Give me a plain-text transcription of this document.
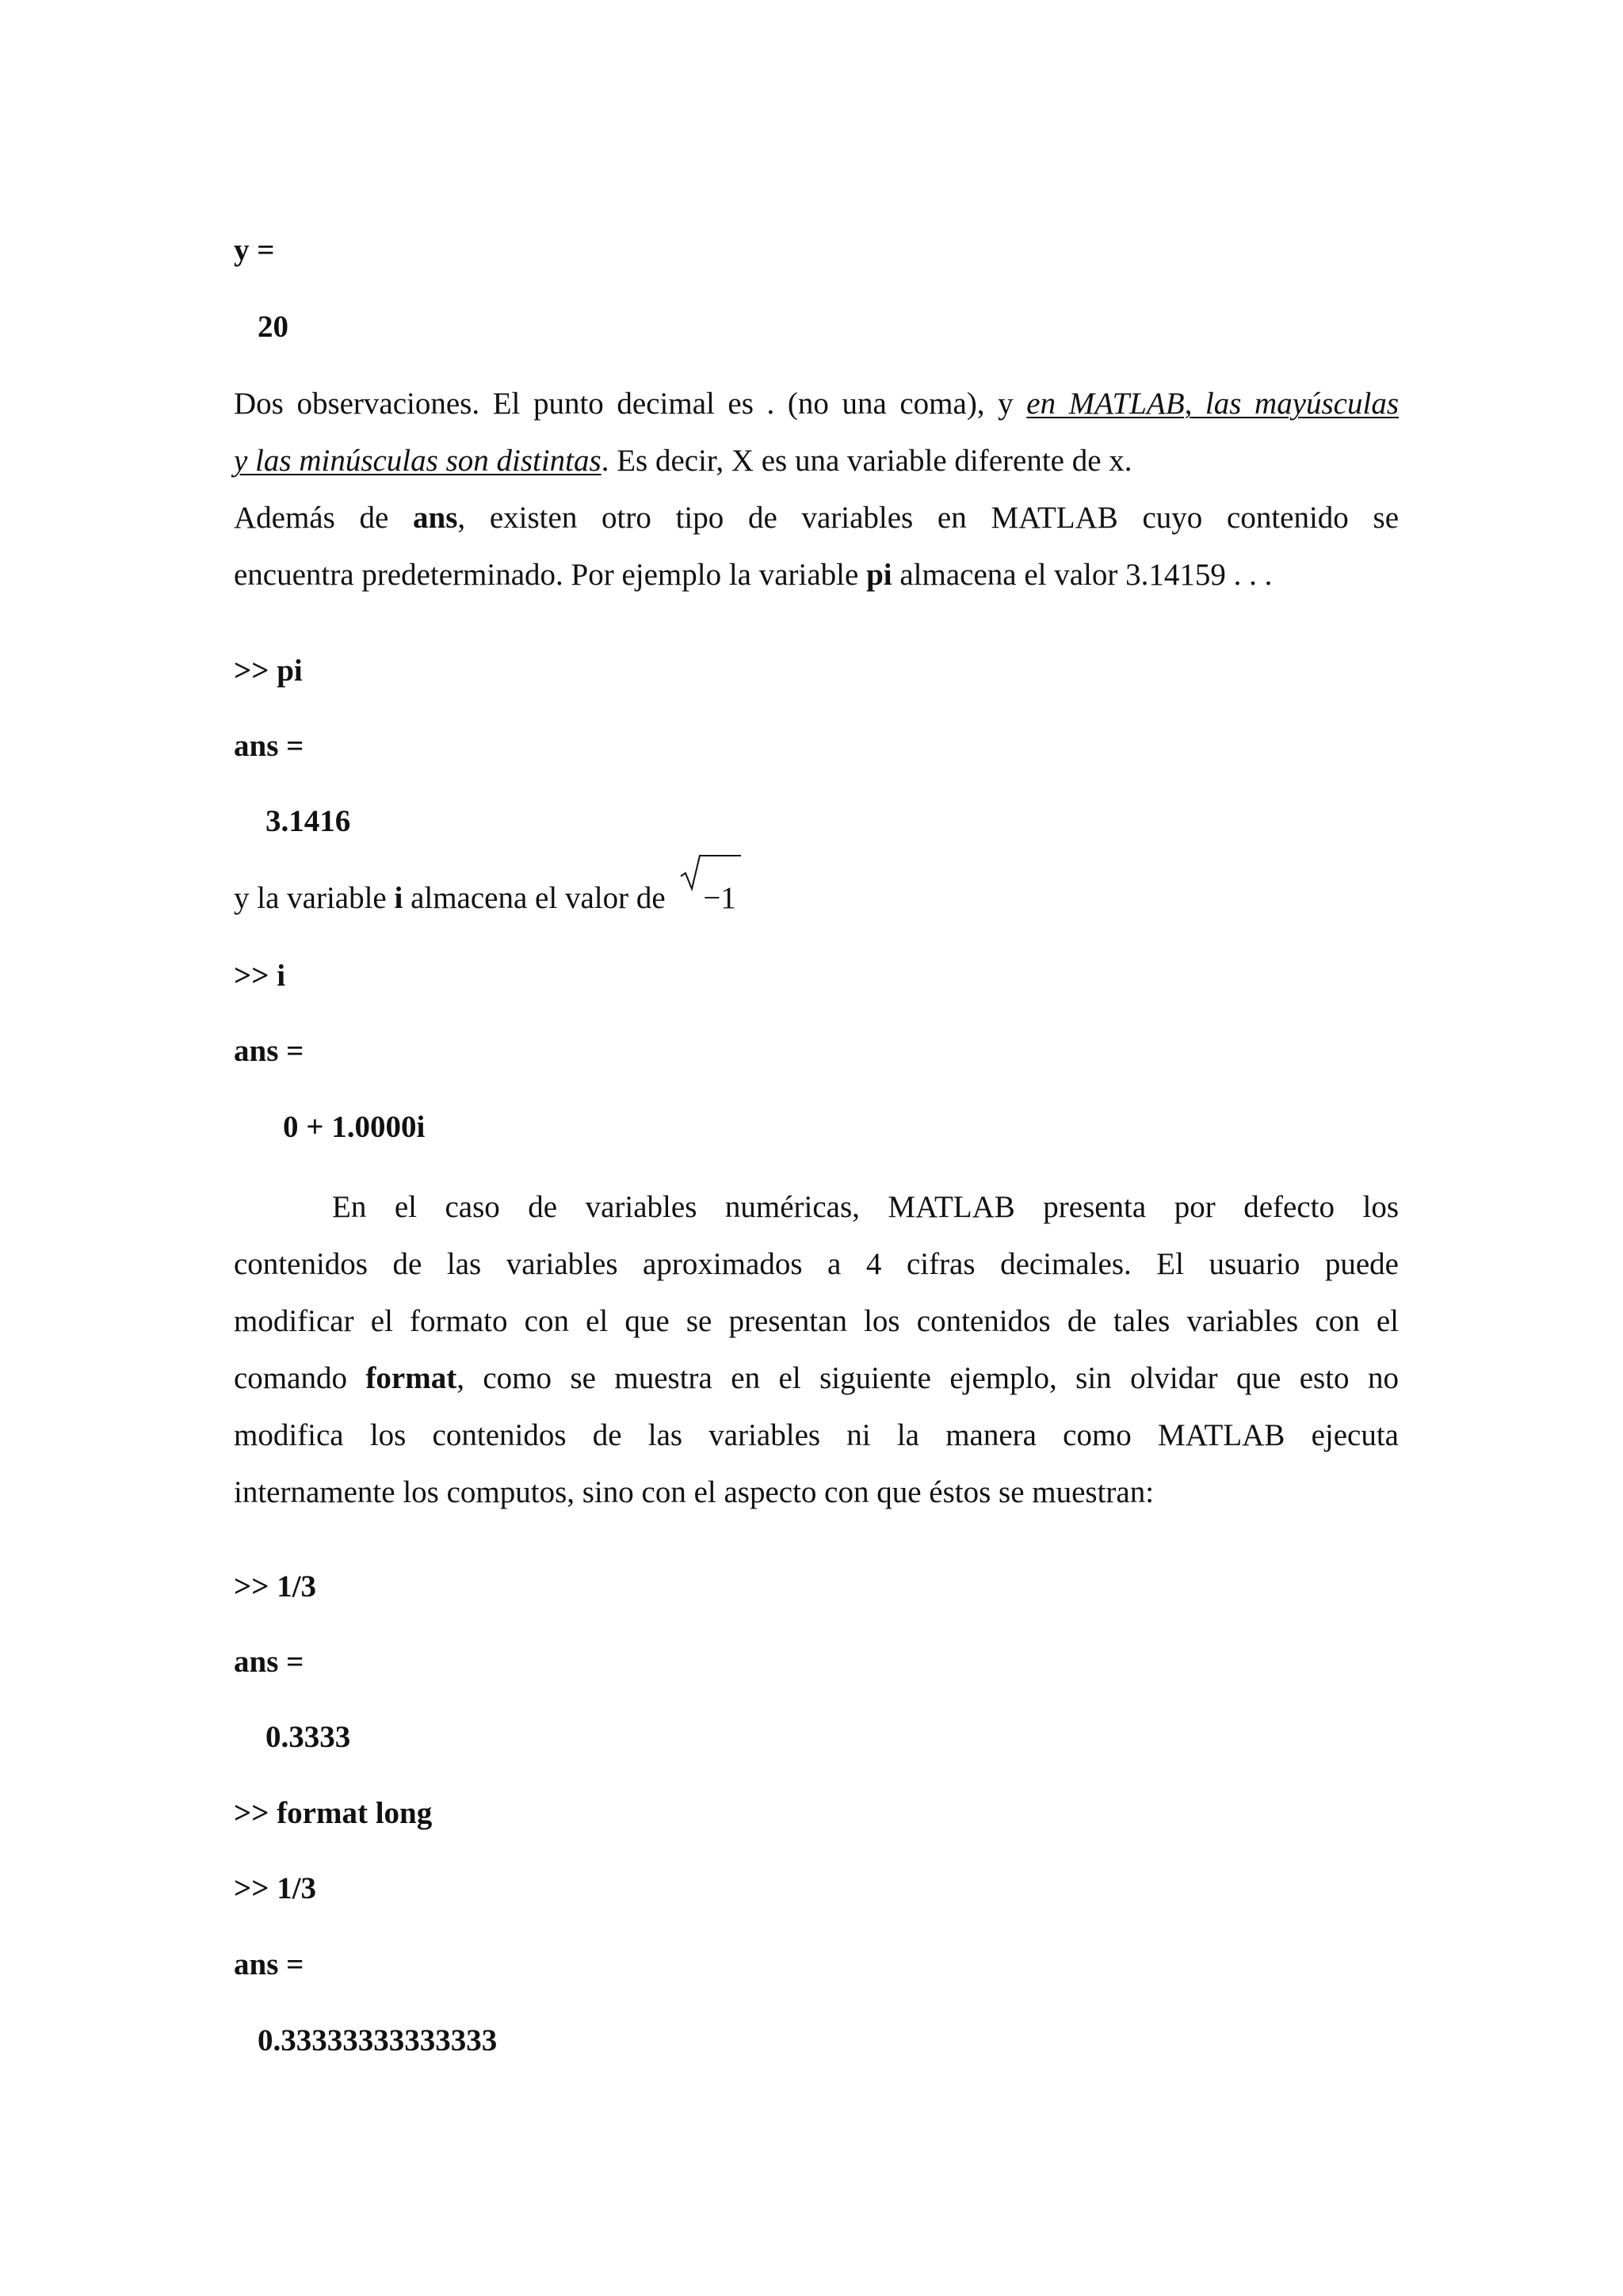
y =
20
Dos observaciones. El punto decimal es . (no una coma), y en MATLAB, las mayúsculas
y las minúsculas son distintas. Es decir, X es una variable diferente de x.
Además de ans, existen otro tipo de variables en MATLAB cuyo contenido se
encuentra predeterminado. Por ejemplo la variable pi almacena el valor 3.14159 . . .
>> pi
ans =
3.1416
y la variable i almacena el valor de −1
>> i
ans =
0 + 1.0000i
En el caso de variables numéricas, MATLAB presenta por defecto los
contenidos de las variables aproximados a 4 cifras decimales. El usuario puede
modificar el formato con el que se presentan los contenidos de tales variables con el
comando format, como se muestra en el siguiente ejemplo, sin olvidar que esto no
modifica los contenidos de las variables ni la manera como MATLAB ejecuta
internamente los computos, sino con el aspecto con que éstos se muestran:
>> 1/3
ans =
0.3333
>> format long
>> 1/3
ans =
0.33333333333333
